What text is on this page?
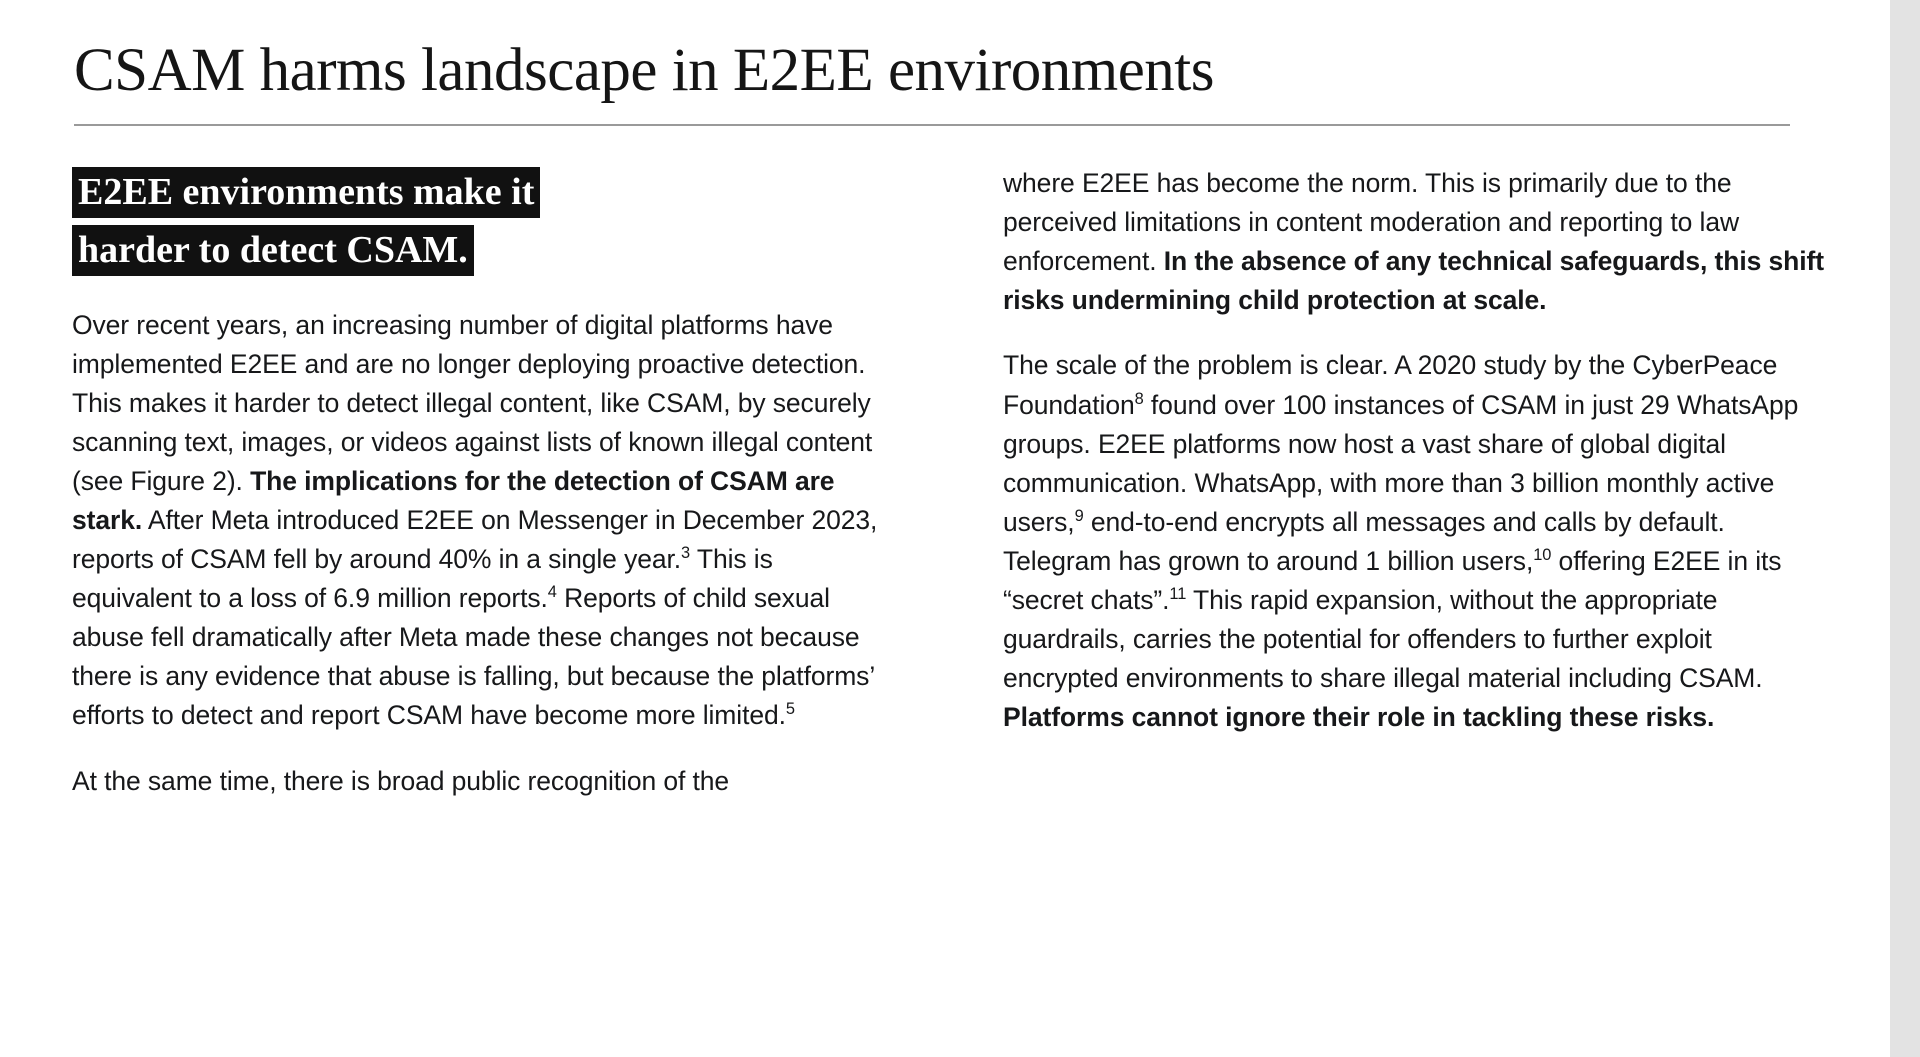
CSAM harms landscape in E2EE environments
E2EE environments make it harder to detect CSAM.

Over recent years, an increasing number of digital platforms have implemented E2EE and are no longer deploying proactive detection. This makes it harder to detect illegal content, like CSAM, by securely scanning text, images, or videos against lists of known illegal content (see Figure 2). The implications for the detection of CSAM are stark. After Meta introduced E2EE on Messenger in December 2023, reports of CSAM fell by around 40% in a single year.$^3$ This is equivalent to a loss of 6.9 million reports.$^4$ Reports of child sexual abuse fell dramatically after Meta made these changes not because there is any evidence that abuse is falling, but because the platforms’ efforts to detect and report CSAM have become more limited.$^5$

At the same time, there is broad public recognition of the

where E2EE has become the norm. This is primarily due to the perceived limitations in content moderation and reporting to law enforcement. In the absence of any technical safeguards, this shift risks undermining child protection at scale.

The scale of the problem is clear. A 2020 study by the CyberPeace Foundation$^8$ found over 100 instances of CSAM in just 29 WhatsApp groups. E2EE platforms now host a vast share of global digital communication. WhatsApp, with more than 3 billion monthly active users,$^9$ end-to-end encrypts all messages and calls by default. Telegram has grown to around 1 billion users,$^{10}$ offering E2EE in its “secret chats”.$^{11}$ This rapid expansion, without the appropriate guardrails, carries the potential for offenders to further exploit encrypted environments to share illegal material including CSAM. Platforms cannot ignore their role in tackling these risks.
